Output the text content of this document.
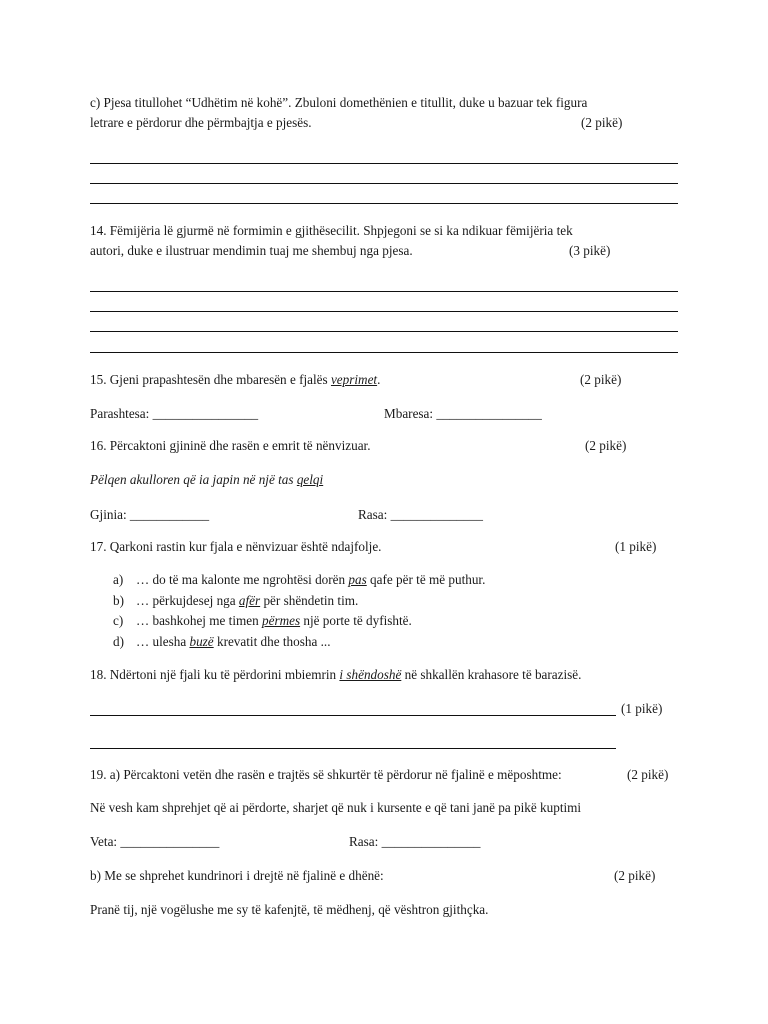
c) Pjesa titullohet “Udhëtim në kohë”. Zbuloni domethënien e titullit, duke u bazuar tek figura
letrare e përdorur dhe përmbajtja e pjesës.	(2 pikë)
14. Fëmijëria lë gjurmë në formimin e gjithësecilit. Shpjegoni se si ka ndikuar fëmijëria tek
autori, duke e ilustruar mendimin tuaj me shembuj nga pjesa.	(3 pikë)
15. Gjeni prapashtesën dhe mbaresën e fjalës veprimet.	(2 pikë)
Parashtesa: ________________	Mbaresa: ________________
16. Përcaktoni gjininë dhe rasën e emrit të nënvizuar.	(2 pikë)
Pëlqen akulloren që ia japin në një tas qelqi
Gjinia: ____________	Rasa: ______________
17. Qarkoni rastin kur fjala e nënvizuar është ndajfolje.	(1 pikë)
a) … do të ma kalonte me ngrohtësi dorën pas qafe për të më puthur.
b) … përkujdesej nga afër për shëndetin tim.
c) … bashkohej me timen përmes një porte të dyfishtë.
d) … ulesha buzë krevatit dhe thosha ...
18. Ndërtoni një fjali ku të përdorini mbiemrin i shëndoshë në shkallën krahasore të barazisë.
(1 pikë)
19. a) Përcaktoni vetën dhe rasën e trajtës së shkurtër të përdorur në fjalinë e mëposhtme:	(2 pikë)
Në vesh kam shprehjet që ai përdorte, sharjet që nuk i kursente e që tani janë pa pikë kuptimi
Veta: _______________	Rasa: _______________
b) Me se shprehet kundrinori i drejtë në fjalinë e dhënë:	(2 pikë)
Pranë tij, një vogëlushe me sy të kafenjtë, të mëdhenj, që vështron gjithçka.
